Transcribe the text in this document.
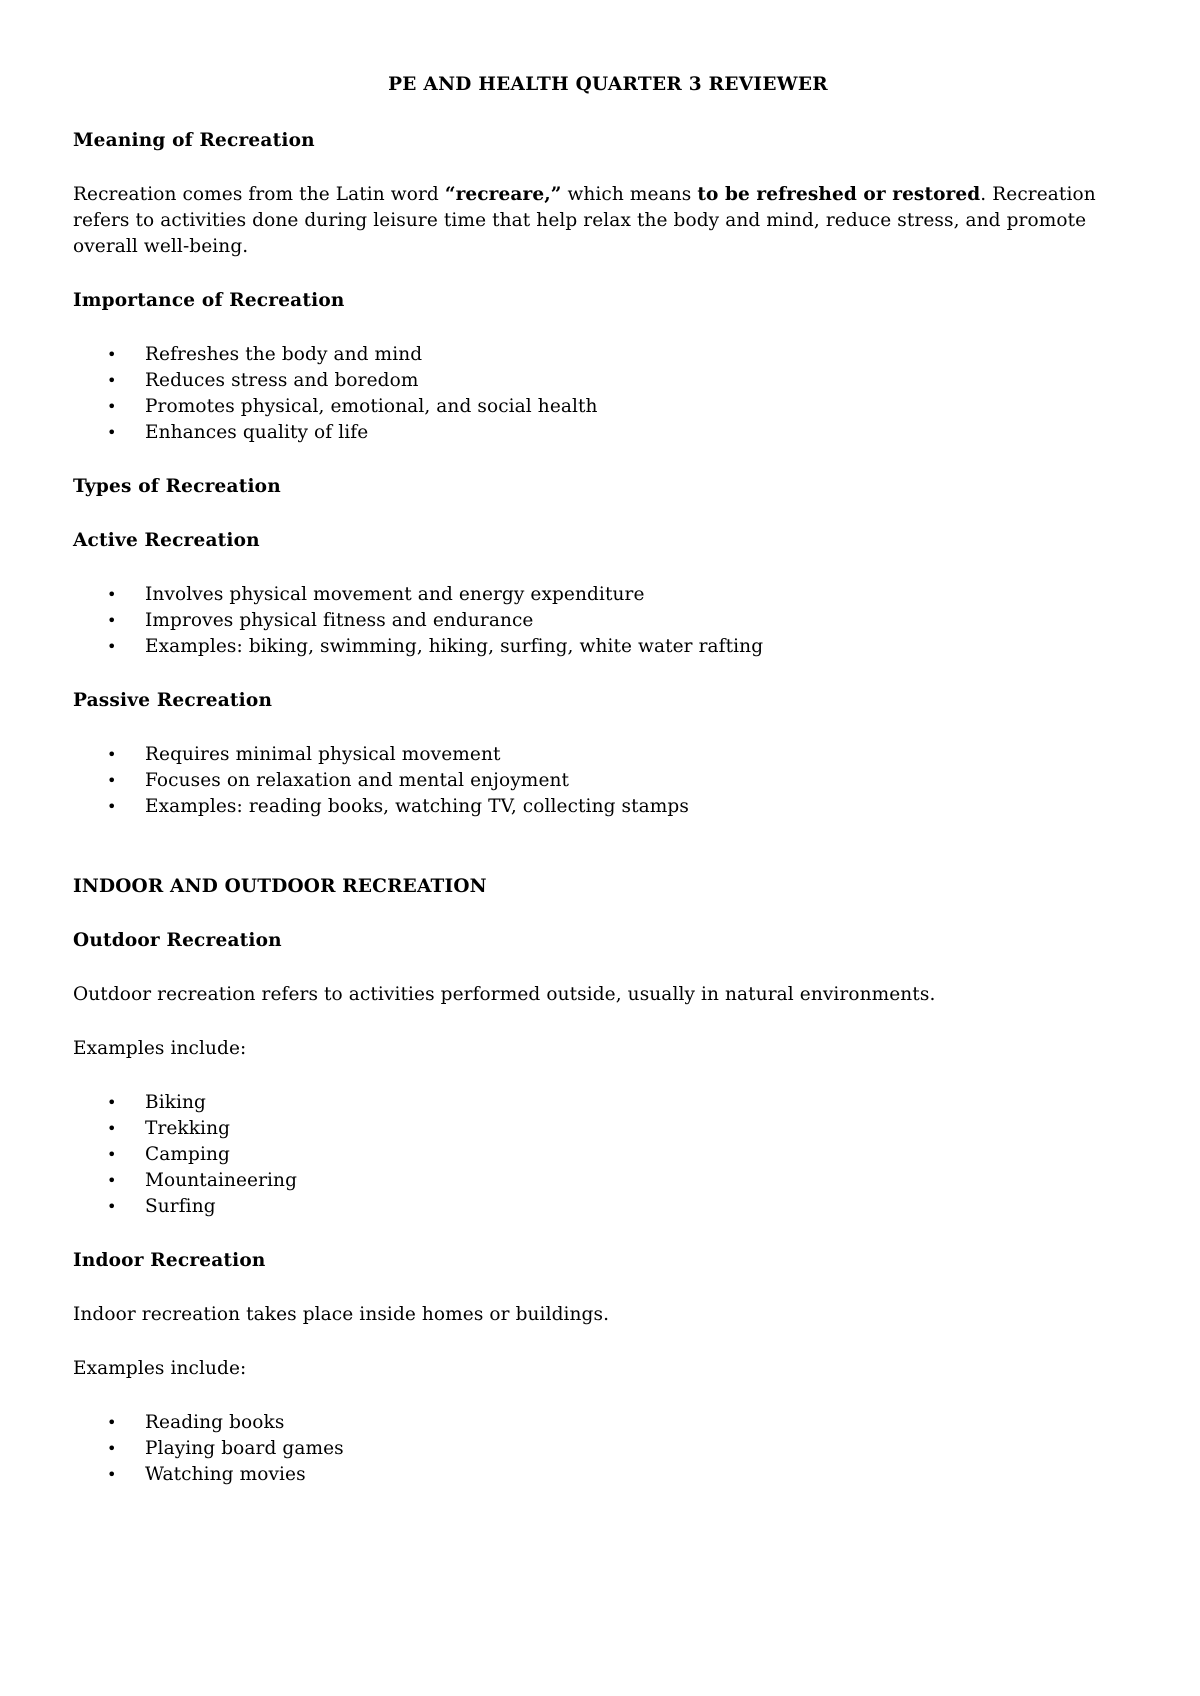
PE AND HEALTH QUARTER 3 REVIEWER
Meaning of Recreation
Recreation comes from the Latin word “recreare,” which means to be refreshed or restored. Recreation refers to activities done during leisure time that help relax the body and mind, reduce stress, and promote overall well-being.
Importance of Recreation
• Refreshes the body and mind
• Reduces stress and boredom
• Promotes physical, emotional, and social health
• Enhances quality of life
Types of Recreation
Active Recreation
• Involves physical movement and energy expenditure
• Improves physical fitness and endurance
• Examples: biking, swimming, hiking, surfing, white water rafting
Passive Recreation
• Requires minimal physical movement
• Focuses on relaxation and mental enjoyment
• Examples: reading books, watching TV, collecting stamps
INDOOR AND OUTDOOR RECREATION
Outdoor Recreation
Outdoor recreation refers to activities performed outside, usually in natural environments.
Examples include:
• Biking
• Trekking
• Camping
• Mountaineering
• Surfing
Indoor Recreation
Indoor recreation takes place inside homes or buildings.
Examples include:
• Reading books
• Playing board games
• Watching movies
